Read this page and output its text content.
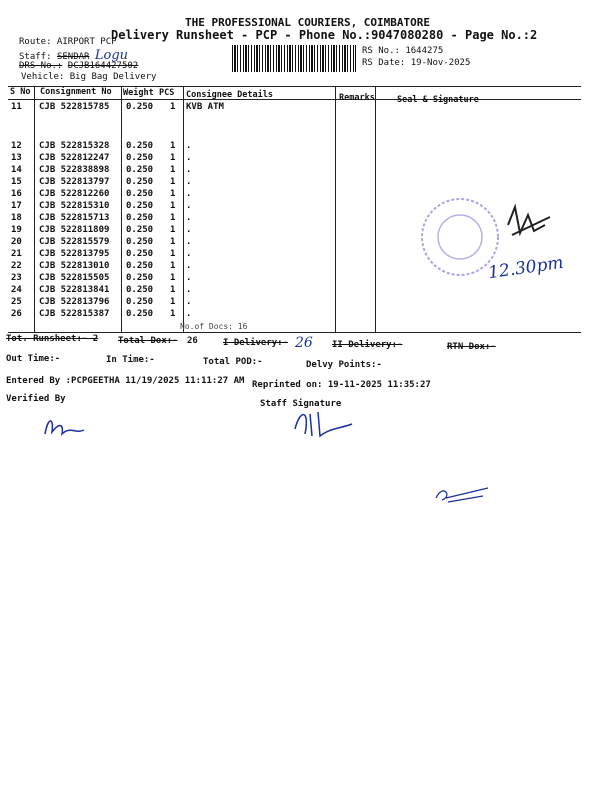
THE PROFESSIONAL COURIERS, COIMBATORE
Delivery Runsheet - PCP - Phone No.:9047080280 - Page No.:2
Route: AIRPORT PCP
Staff: SENDAR Logu
DRS No.: DCJB164427502
Vehicle: Big Bag Delivery
RS No.: 1644275
RS Date: 19-Nov-2025
S No Consignment No Weight PCS Consignee Details	Remarks	Seal & Signature
11 CJB 522815785 0.250 1 KVB ATM
12 CJB 522815328 0.250 1 .
13 CJB 522812247 0.250 1 .
14 CJB 522838898 0.250 1 .
15 CJB 522813797 0.250 1 .
16 CJB 522812260 0.250 1 .
17 CJB 522815310 0.250 1 .
18 CJB 522815713 0.250 1 .
19 CJB 522811809 0.250 1 .
20 CJB 522815579 0.250 1 .
21 CJB 522813795 0.250 1 .
22 CJB 522813010 0.250 1 .
23 CJB 522815505 0.250 1 .
24 CJB 522813841 0.250 1 .
25 CJB 522813796 0.250 1 .
26 CJB 522815387 0.250 1 .
No.of Docs: 16
12.30pm
Tot. Runsheet:- 2 Total Dox:- 26	I Delivery:- 26 II Delivery:-	RTN Dox:-
Out Time:-	In Time:-	Total POD:-	Delvy Points:-
Entered By :PCPGEETHA 11/19/2025 11:11:27 AM Reprinted on: 19-11-2025 11:35:27
Verified By	Staff Signature
